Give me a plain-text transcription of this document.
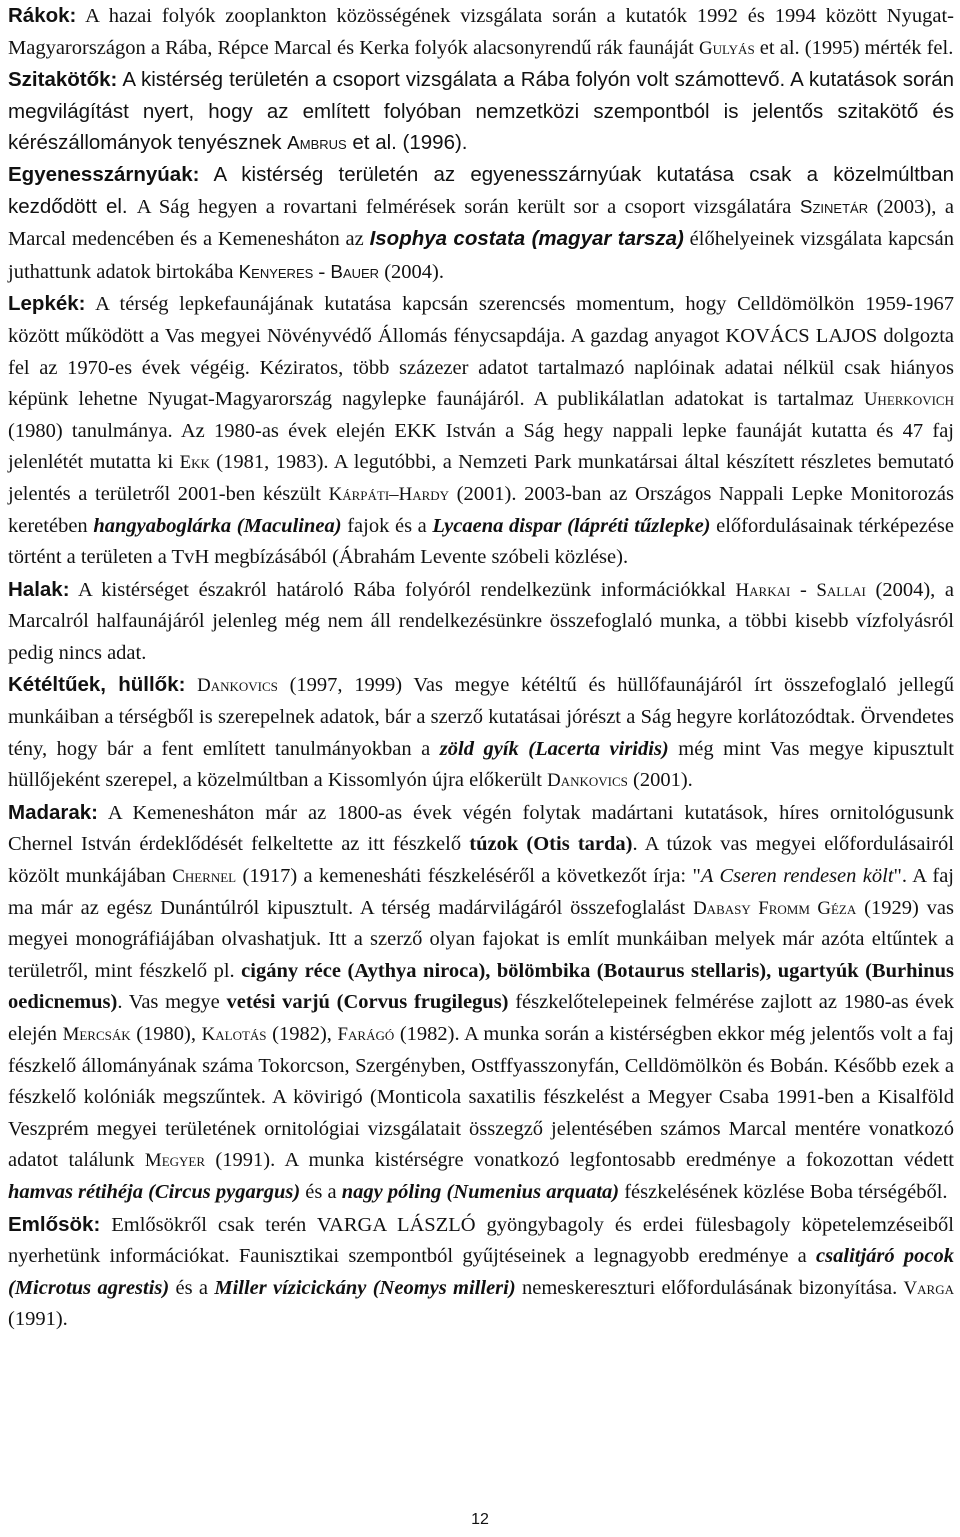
Rákok: A hazai folyók zooplankton közösségének vizsgálata során a kutatók 1992 és 1994 között Nyugat-Magyarországon a Rába, Répce Marcal és Kerka folyók alacsonyrendű rák faunáját Gulyás et al. (1995) mérték fel.

Szitakötők: A kistérség területén a csoport vizsgálata a Rába folyón volt számottevő. A kutatások során megvilágítást nyert, hogy az említett folyóban nemzetközi szempontból is jelentős szitakötő és kérészállományok tenyésznek Ambrus et al. (1996).

Egyenesszárnyúak: A kistérség területén az egyenesszárnyúak kutatása csak a közelmúltban kezdődött el. A Ság hegyen a rovartani felmérések során került sor a csoport vizsgálatára Szinetár (2003), a Marcal medencében és a Kemenesháton az Isophya costata (magyar tarsza) élőhelyeinek vizsgálata kapcsán juthattunk adatok birtokába Kenyeres - Bauer (2004).

Lepkék: A térség lepkefaunájának kutatása kapcsán szerencsés momentum, hogy Celldömölkön 1959-1967 között működött a Vas megyei Növényvédő Állomás fénycsapdája. A gazdag anyagot KOVÁCS LAJOS dolgozta fel az 1970-es évek végéig. Kéziratos, több százezer adatot tartalmazó naplóinak adatai nélkül csak hiányos képünk lehetne Nyugat-Magyarország nagylepke faunájáról. A publikálatlan adatokat is tartalmaz Uherkovich (1980) tanulmánya. Az 1980-as évek elején EKK István a Ság hegy nappali lepke faunáját kutatta és 47 faj jelenlétét mutatta ki Ekk (1981, 1983). A legutóbbi, a Nemzeti Park munkatársai által készített részletes bemutató jelentés a területről 2001-ben készült Kárpáti–Hardy (2001). 2003-ban az Országos Nappali Lepke Monitorozás keretében hangyaboglárka (Maculinea) fajok és a Lycaena dispar (lápréti tűzlepke) előfordulásainak térképezése történt a területen a TvH megbízásából (Ábrahám Levente szóbeli közlése).

Halak: A kistérséget északról határoló Rába folyóról rendelkezünk információkkal Harkai - Sallai (2004), a Marcalról halfaunájáról jelenleg még nem áll rendelkezésünkre összefoglaló munka, a többi kisebb vízfolyásról pedig nincs adat.

Kétéltűek, hüllők: Dankovics (1997, 1999) Vas megye kétéltű és hüllőfaunájáról írt összefoglaló jellegű munkáiban a térségből is szerepelnek adatok, bár a szerző kutatásai jórészt a Ság hegyre korlátozódtak. Örvendetes tény, hogy bár a fent említett tanulmányokban a zöld gyík (Lacerta viridis) még mint Vas megye kipusztult hüllőjeként szerepel, a közelmúltban a Kissomlyón újra előkerült Dankovics (2001).

Madarak: A Kemenesháton már az 1800-as évek végén folytak madártani kutatások, híres ornitológusunk Chernel István érdeklődését felkeltette az itt fészkelő túzok (Otis tarda). A túzok vas megyei előfordulásairól közölt munkájában Chernel (1917) a kemenesháti fészkeléséről a következőt írja: "A Cseren rendesen költ". A faj ma már az egész Dunántúlról kipusztult. A térség madárvilágáról összefoglalást Dabasy Fromm Géza (1929) vas megyei monográfiájában olvashatjuk. Itt a szerző olyan fajokat is említ munkáiban melyek már azóta eltűntek a területről, mint fészkelő pl. cigány réce (Aythya niroca), bölömbika (Botaurus stellaris), ugartyúk (Burhinus oedicnemus). Vas megye vetési varjú (Corvus frugilegus) fészkelőtelepeinek felmérése zajlott az 1980-as évek elején Mercsák (1980), Kalotás (1982), Farágó (1982). A munka során a kistérségben ekkor még jelentős volt a faj fészkelő állományának száma Tokorcson, Szergényben, Ostffyasszonyfán, Celldömölkön és Bobán. Később ezek a fészkelő kolóniák megszűntek. A kövirigó (Monticola saxatilis fészkelést a Megyer Csaba 1991-ben a Kisalföld Veszprém megyei területének ornitológiai vizsgálatait összegző jelentésében számos Marcal mentére vonatkozó adatot találunk Megyer (1991). A munka kistérségre vonatkozó legfontosabb eredménye a fokozottan védett hamvas rétihéja (Circus pygargus) és a nagy póling (Numenius arquata) fészkelésének közlése Boba térségéből.

Emlősök: Emlősökről csak terén VARGA LÁSZLÓ gyöngybagoly és erdei fülesbagoly köpetelemzéseiből nyerhetünk információkat. Faunisztikai szempontból gyűjtéseinek a legnagyobb eredménye a csalitjáró pocok (Microtus agrestis) és a Miller vízicickány (Neomys milleri) nemeskereszturi előfordulásának bizonyítása. Varga (1991).

12
